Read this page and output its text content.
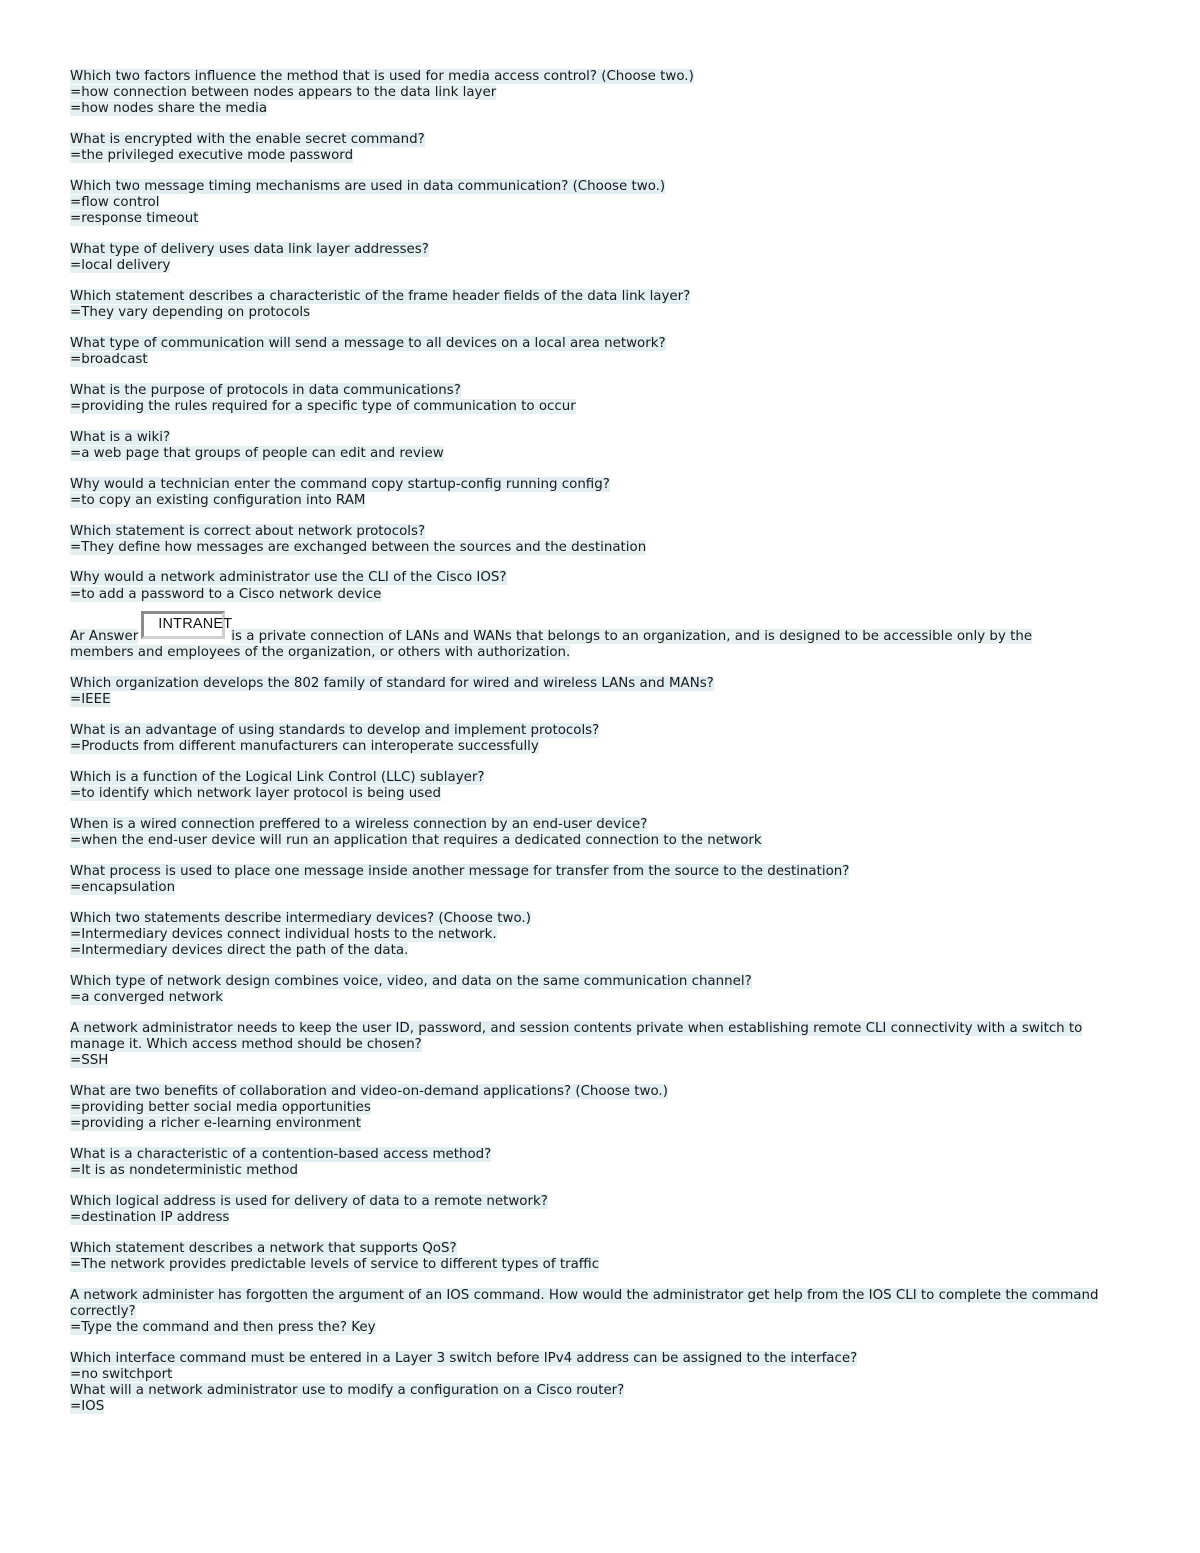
Which two factors influence the method that is used for media access control? (Choose two.)
=how connection between nodes appears to the data link layer
=how nodes share the media
What is encrypted with the enable secret command?
=the privileged executive mode password
Which two message timing mechanisms are used in data communication? (Choose two.)
=flow control
=response timeout
What type of delivery uses data link layer addresses?
=local delivery
Which statement describes a characteristic of the frame header fields of the data link layer?
=They vary depending on protocols
What type of communication will send a message to all devices on a local area network?
=broadcast
What is the purpose of protocols in data communications?
=providing the rules required for a specific type of communication to occur
What is a wiki?
=a web page that groups of people can edit and review
Why would a technician enter the command copy startup-config running config?
=to copy an existing configuration into RAM
Which statement is correct about network protocols?
=They define how messages are exchanged between the sources and the destination
Why would a network administrator use the CLI of the Cisco IOS?
=to add a password to a Cisco network device
Ar Answer
INTRANET
is a private connection of LANs and WANs that belongs to an organization, and is designed to be accessible only by the
members and employees of the organization, or others with authorization.
Which organization develops the 802 family of standard for wired and wireless LANs and MANs?
=IEEE
What is an advantage of using standards to develop and implement protocols?
=Products from different manufacturers can interoperate successfully
Which is a function of the Logical Link Control (LLC) sublayer?
=to identify which network layer protocol is being used
When is a wired connection preffered to a wireless connection by an end-user device?
=when the end-user device will run an application that requires a dedicated connection to the network
What process is used to place one message inside another message for transfer from the source to the destination?
=encapsulation
Which two statements describe intermediary devices? (Choose two.)
=Intermediary devices connect individual hosts to the network.
=Intermediary devices direct the path of the data.
Which type of network design combines voice, video, and data on the same communication channel?
=a converged network
A network administrator needs to keep the user ID, password, and session contents private when establishing remote CLI connectivity with a switch to
manage it. Which access method should be chosen?
=SSH
What are two benefits of collaboration and video-on-demand applications? (Choose two.)
=providing better social media opportunities
=providing a richer e-learning environment
What is a characteristic of a contention-based access method?
=It is as nondeterministic method
Which logical address is used for delivery of data to a remote network?
=destination IP address
Which statement describes a network that supports QoS?
=The network provides predictable levels of service to different types of traffic
A network administer has forgotten the argument of an IOS command. How would the administrator get help from the IOS CLI to complete the command
correctly?
=Type the command and then press the? Key
Which interface command must be entered in a Layer 3 switch before IPv4 address can be assigned to the interface?
=no switchport
What will a network administrator use to modify a configuration on a Cisco router?
=IOS
